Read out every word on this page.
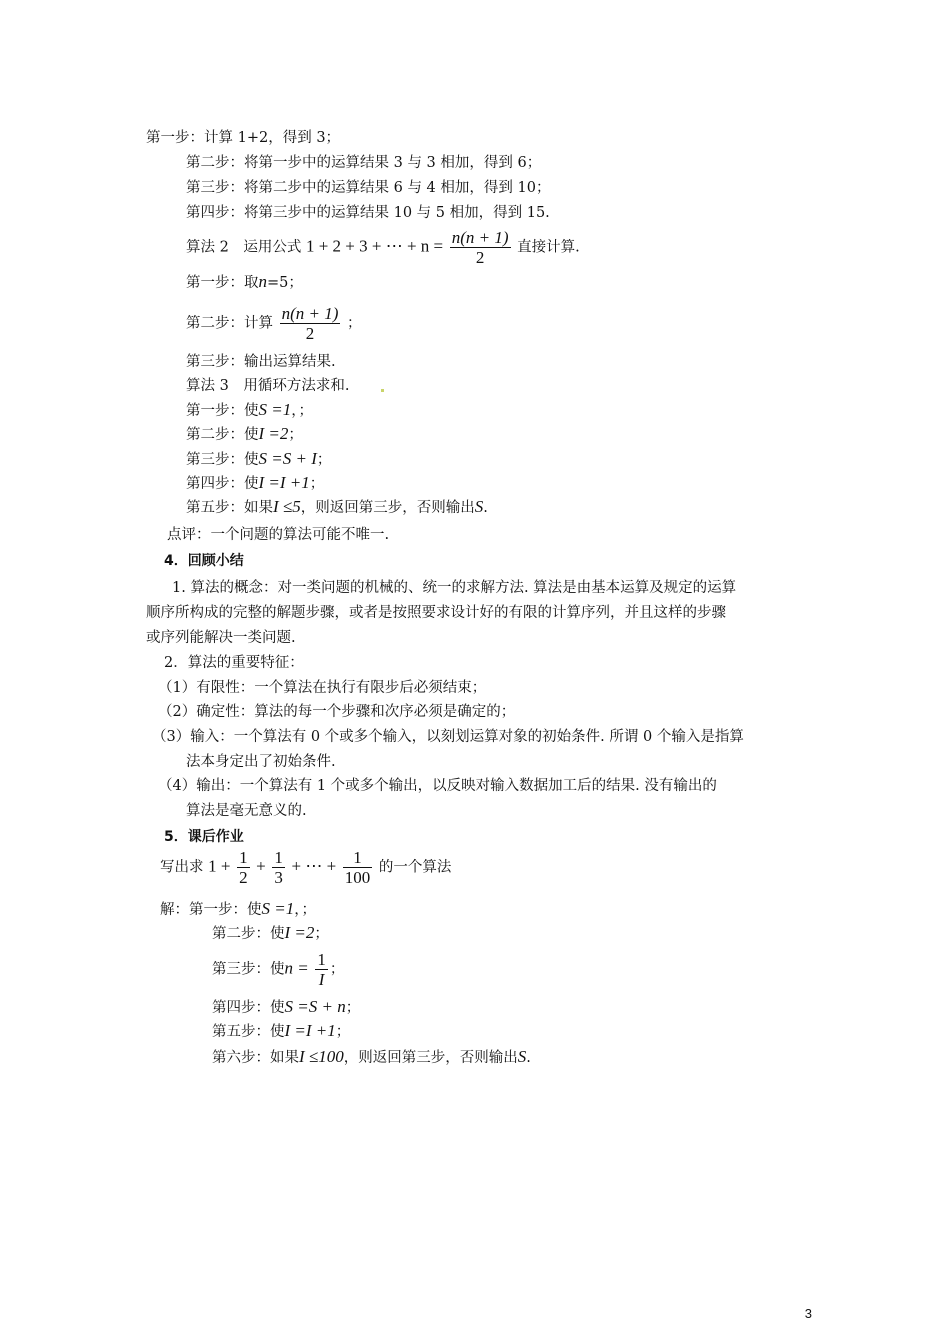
第一步：计算 1+2，得到 3；
第二步：将第一步中的运算结果 3 与 3 相加，得到 6；
第三步：将第二步中的运算结果 6 与 4 相加，得到 10；
第四步：将第三步中的运算结果 10 与 5 相加，得到 15.
算法 2　运用公式 1 + 2 + 3 + ⋯ + $n = \frac{n(n + 1)}{2}$ 直接计算.
第一步：取n=5；
第二步：计算 $\frac{n(n + 1)}{2}$ ；
第三步：输出运算结果.
算法 3　用循环方法求和.
第一步：使S =1，；
第二步：使I =2；
第三步：使S =S + I；
第四步：使I =I +1；
第五步：如果I ≤5，则返回第三步，否则输出S.
点评：一个问题的算法可能不唯一.
4．回顾小结
1. 算法的概念：对一类问题的机械的、统一的求解方法. 算法是由基本运算及规定的运算
顺序所构成的完整的解题步骤，或者是按照要求设计好的有限的计算序列，并且这样的步骤
或序列能解决一类问题.
2．算法的重要特征：
（1）有限性：一个算法在执行有限步后必须结束；
（2）确定性：算法的每一个步骤和次序必须是确定的；
（3）输入：一个算法有 0 个或多个输入，以刻划运算对象的初始条件. 所谓 0 个输入是指算
法本身定出了初始条件.
（4）输出：一个算法有 1 个或多个输出，以反映对输入数据加工后的结果. 没有输出的
算法是毫无意义的.
5．课后作业
写出求 $1 + \frac{1}{2} + \frac{1}{3}$ + ⋯ + $\frac{1}{100}$ 的一个算法
解：第一步：使S =1，；
第二步：使I =2；
第三步：使$n = \frac{1}{I}$ ；
第四步：使S =S + n；
第五步：使I =I +1；
第六步：如果I ≤100，则返回第三步，否则输出S.
3
